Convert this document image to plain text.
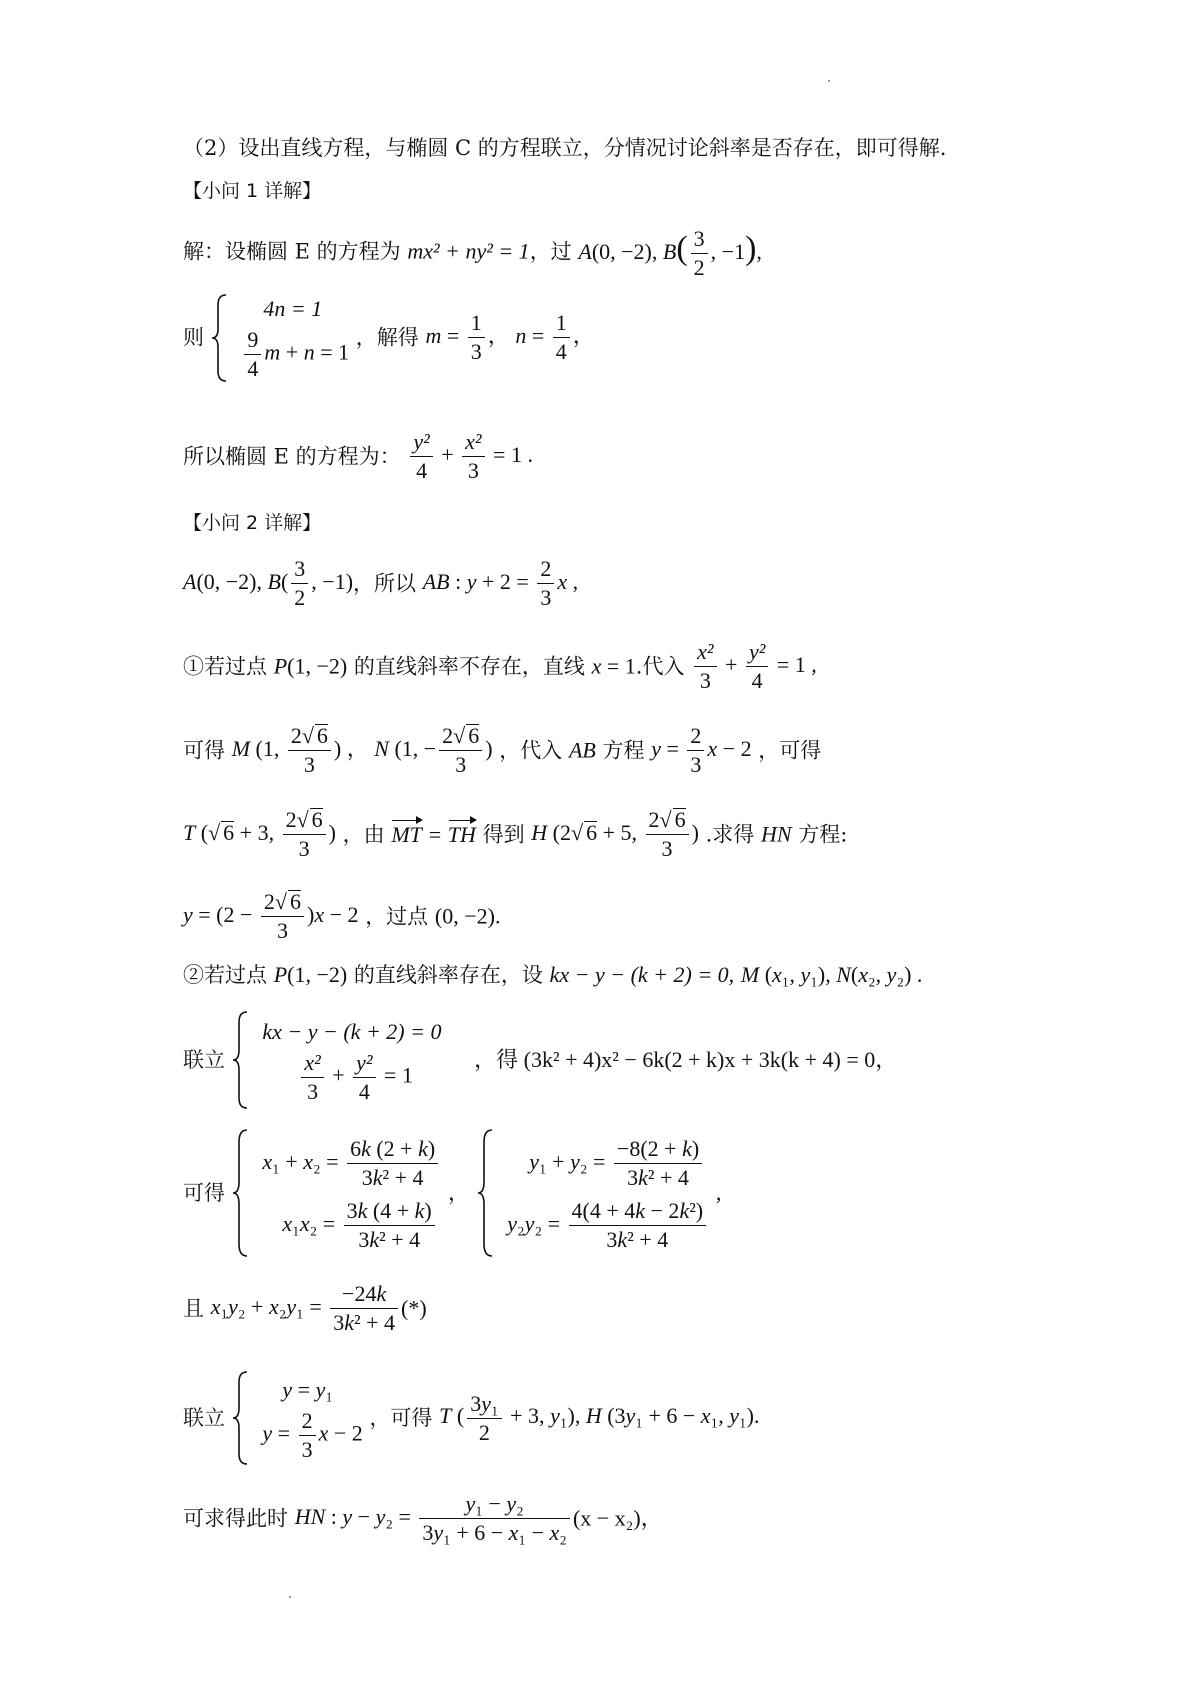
（2）设出直线方程，与椭圆 C 的方程联立，分情况讨论斜率是否存在，即可得解.
【小问 1 详解】
解：设椭圆 E 的方程为 mx² + ny² = 1，过 A(0, −2), $B( \frac{3}{2}$ , −1),
则

4n = 1
$\frac{9}{4}$ m + n = 1
，解得 $m = \frac{1}{3}$ ， $n = \frac{1}{4}$ ，
所以椭圆 E 的方程为： $\frac{\text{y²}}{4} + \frac{\text{x²}}{3} = 1$ .
【小问 2 详解】
A(0, −2), $B( \frac{3}{2}$ , −1)，所以 AB : $y + 2 = \frac{2}{3}$ x ,
①若过点 P(1, −2) 的直线斜率不存在，直线 x = 1.代入 $\frac{\text{x²}}{3} + \frac{\text{y²}}{4} = 1$ ,
可得 M (1, $\frac{2√ 6}{3}$ ) ， N (1, − $\frac{2√ 6}{3}$ ) ，代入 AB 方程 $y = \frac{2}{3}$ x − 2 ，可得
T (√ 6 + 3, $\frac{2√ 6}{3}$ ) ，由 MT = TH 得到 H (2√ 6 + 5, $\frac{2√ 6}{3}$ ) .求得 HN 方程:
$y = (2 - \frac{2√ 6}{3} )x - 2$ ，过点 (0, −2).
②若过点 P(1, −2) 的直线斜率存在，设 kx − y − (k + 2) = 0, M (x₁, y₁), N(x₂, y₂) .
联立

kx − y − (k + 2) = 0
$\frac{\text{x²}}{3} + \frac{\text{y²}}{4} = 1$
，得 (3k² + 4)x² − 6k(2 + k)x + 3k(k + 4) = 0，
可得

$x_1 + x_2 = \frac{6k (2 + k)}{\text{3k² + 4}}$
$x_1x_2 = \frac{3k (4 + k)}{\text{3k² + 4}}$
，

$y_1 + y_2 = \frac{-8(2 + k)}{\text{3k² + 4}}$
$y_2y_2 = \frac{\text{4(4 + 4k − 2k²)}}{\text{3k² + 4}}$
,
且 $x_1y_2 + x_2y_1 = \frac{-24k}{\text{3k² + 4}}$ (*)
联立

y = y₁
$y = \frac{2}{3}$ x − 2
，可得 T ( $\frac{\text{3y₁}}{2} + 3$, y₁), H (3y₁ + 6 − x₁, y₁).
可求得此时 HN : $y - y_2 = \frac{\text{y₁ − y₂}}{\text{3y₁ + 6 − x₁ − x₂}} (x - x_2)$，
